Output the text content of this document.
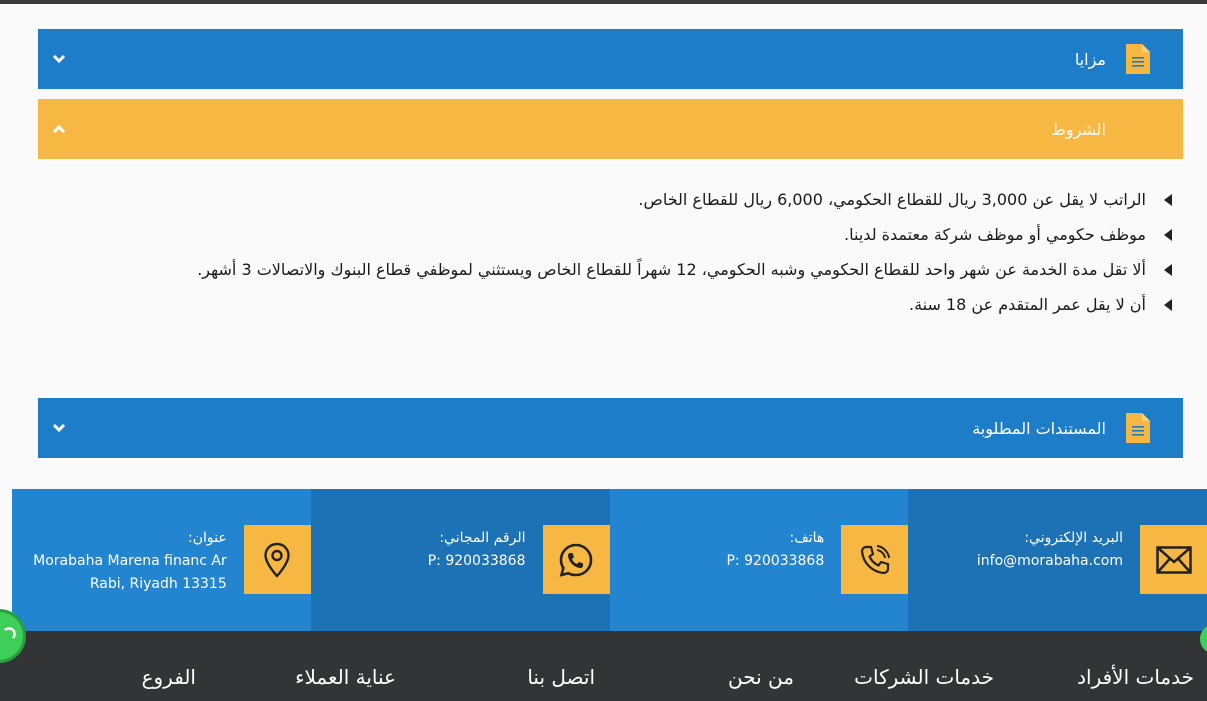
مزايا
الشروط
الراتب لا يقل عن 3,000 ريال للقطاع الحكومي، 6,000 ريال للقطاع الخاص.
موظف حكومي أو موظف شركة معتمدة لدينا.
ألا تقل مدة الخدمة عن شهر واحد للقطاع الحكومي وشبه الحكومي، 12 شهراً للقطاع الخاص ويستثني لموظفي قطاع البنوك والاتصالات 3 أشهر.
أن لا يقل عمر المتقدم عن 18 سنة.
المستندات المطلوبة
البريد الإلكتروني:
info@morabaha.com
هاتف:
P: 920033868
الرقم المجاني:
P: 920033868
عنوان:
Morabaha Marena financ Ar
Rabi, Riyadh 13315
خدمات الأفراد
خدمات الشركات
من نحن
اتصل بنا
عناية العملاء
الفروع
